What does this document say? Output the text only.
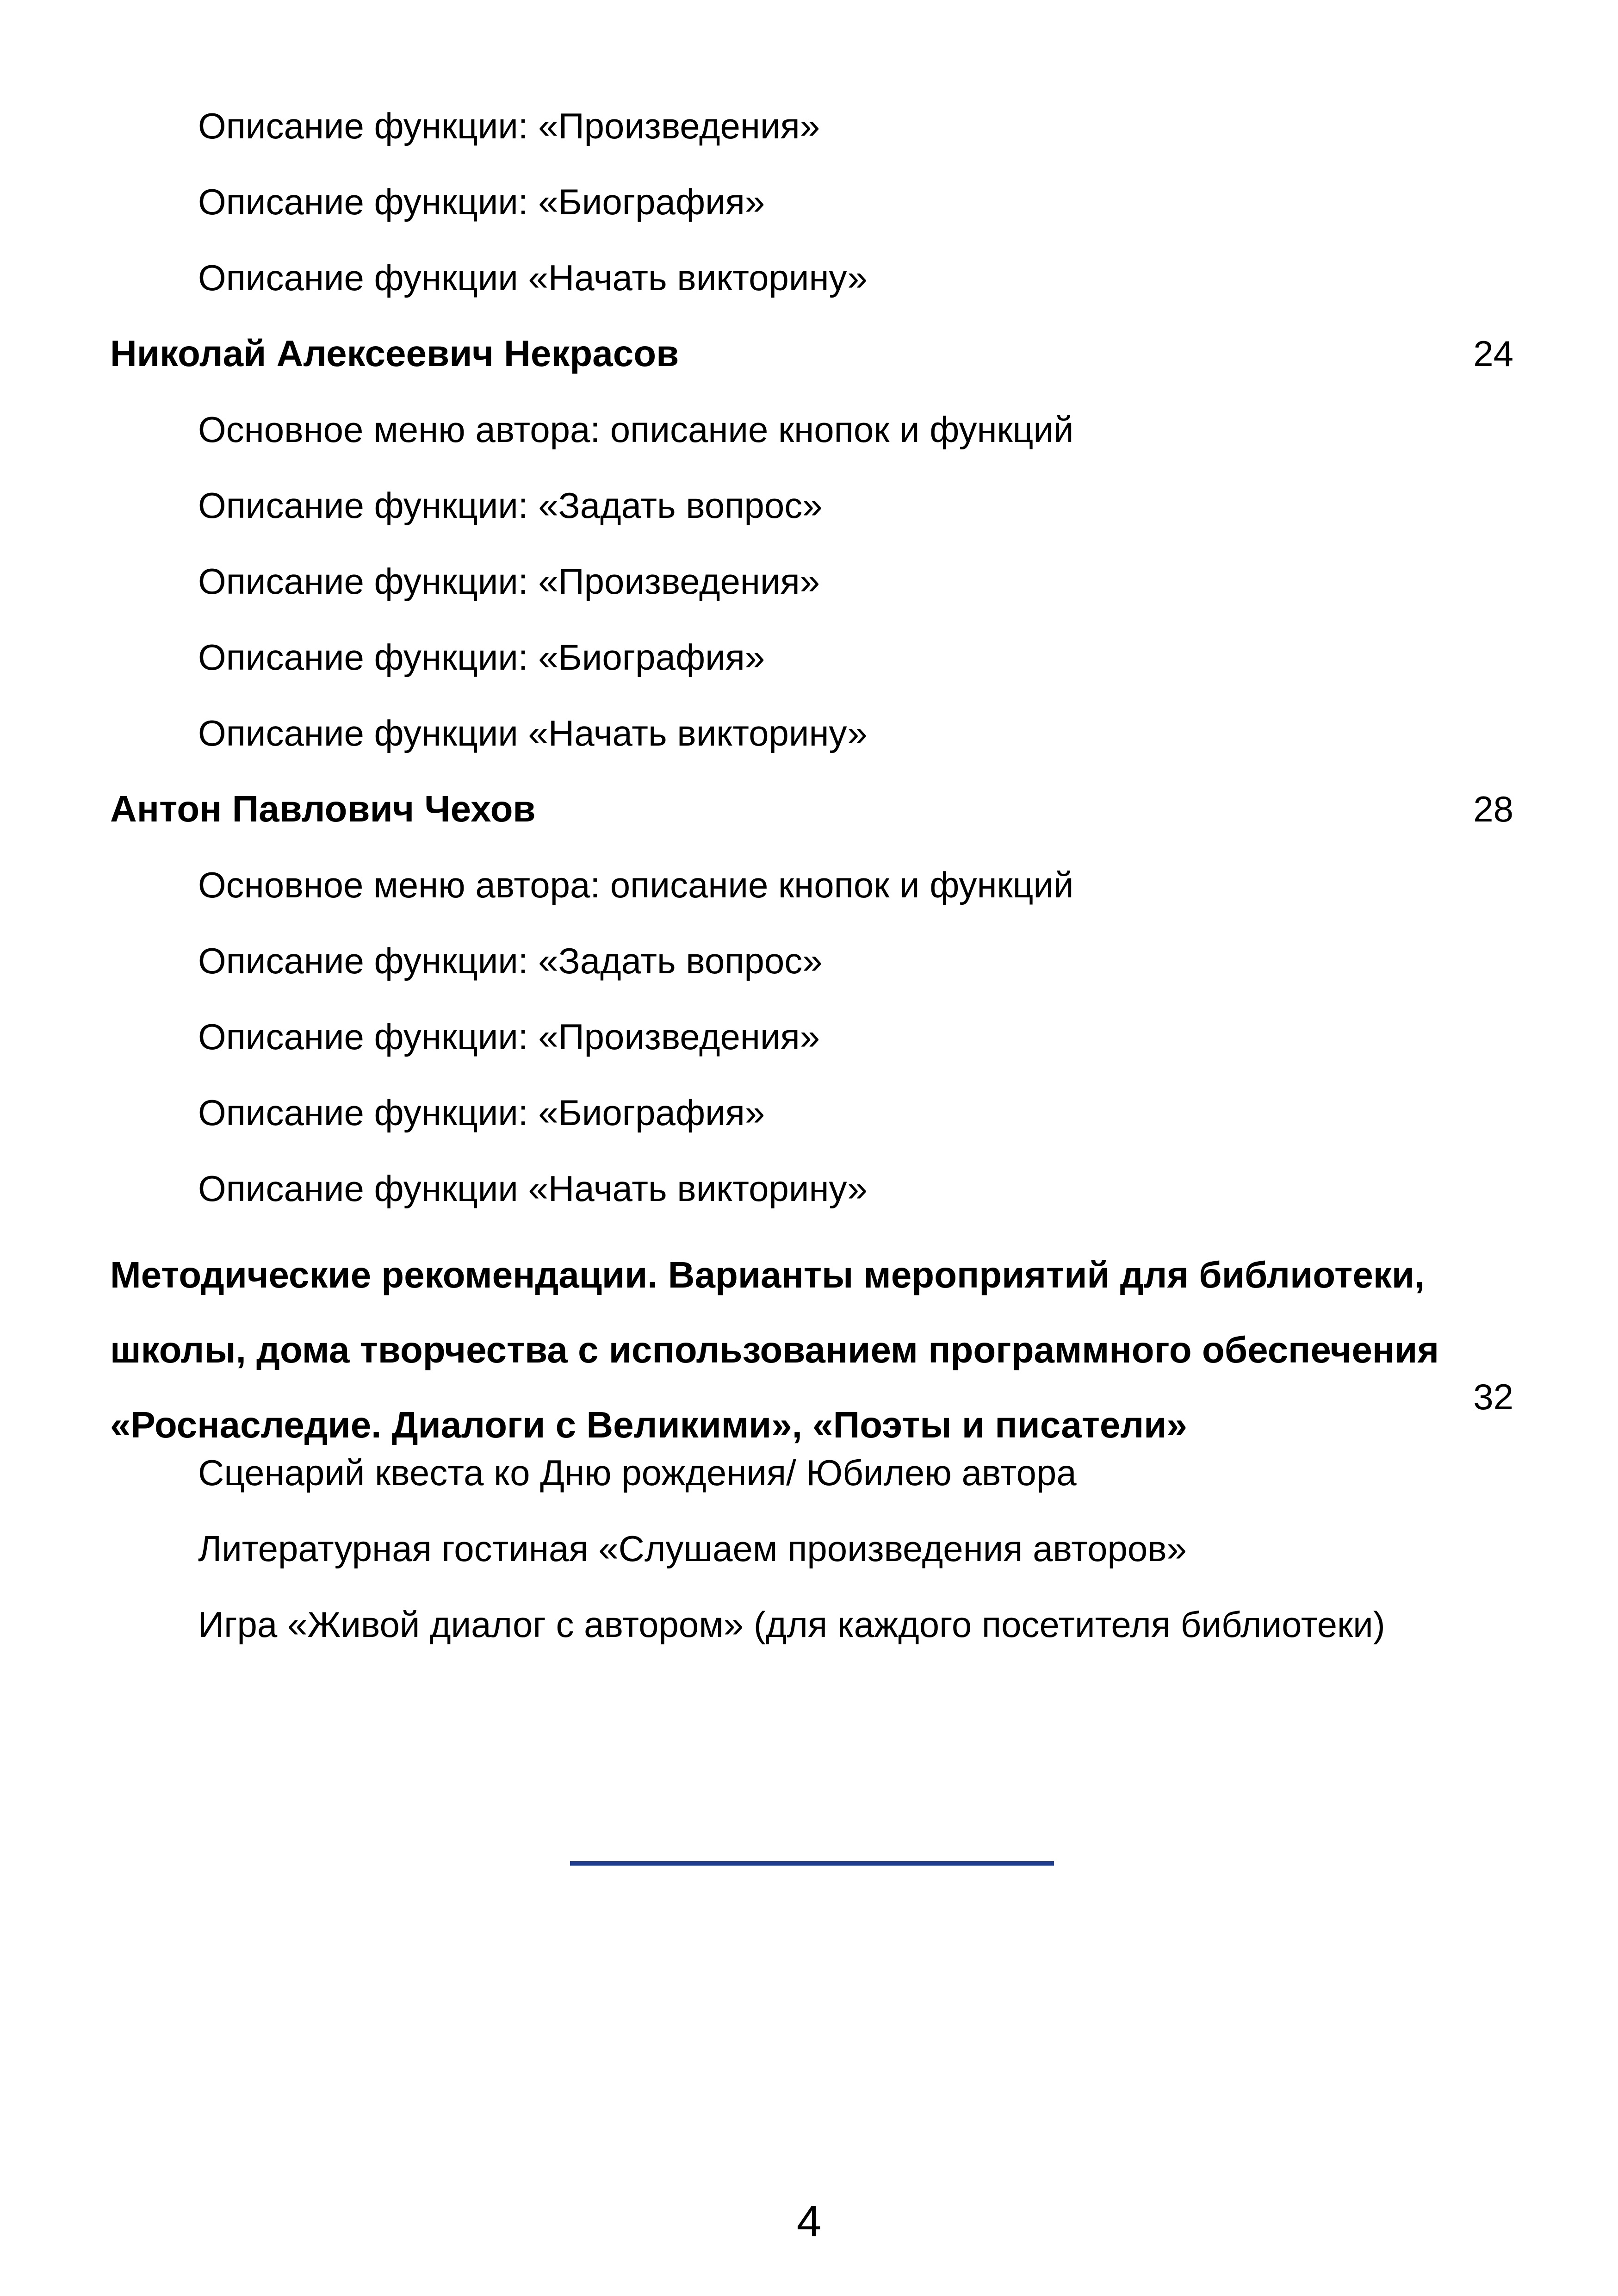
Описание функции: «Произведения»
Описание функции: «Биография»
Описание функции «Начать викторину»
Николай Алексеевич Некрасов	24
Основное меню автора: описание кнопок и функций
Описание функции: «Задать вопрос»
Описание функции: «Произведения»
Описание функции: «Биография»
Описание функции «Начать викторину»
Антон Павлович Чехов	28
Основное меню автора: описание кнопок и функций
Описание функции: «Задать вопрос»
Описание функции: «Произведения»
Описание функции: «Биография»
Описание функции «Начать викторину»
Методические рекомендации. Варианты мероприятий для библиотеки,
школы, дома творчества с использованием программного обеспечения
«Роснаследие. Диалоги с Великими», «Поэты и писатели»
32
Сценарий квеста ко Дню рождения/ Юбилею автора
Литературная гостиная «Слушаем произведения авторов»
Игра «Живой диалог с автором» (для каждого посетителя библиотеки)
4
